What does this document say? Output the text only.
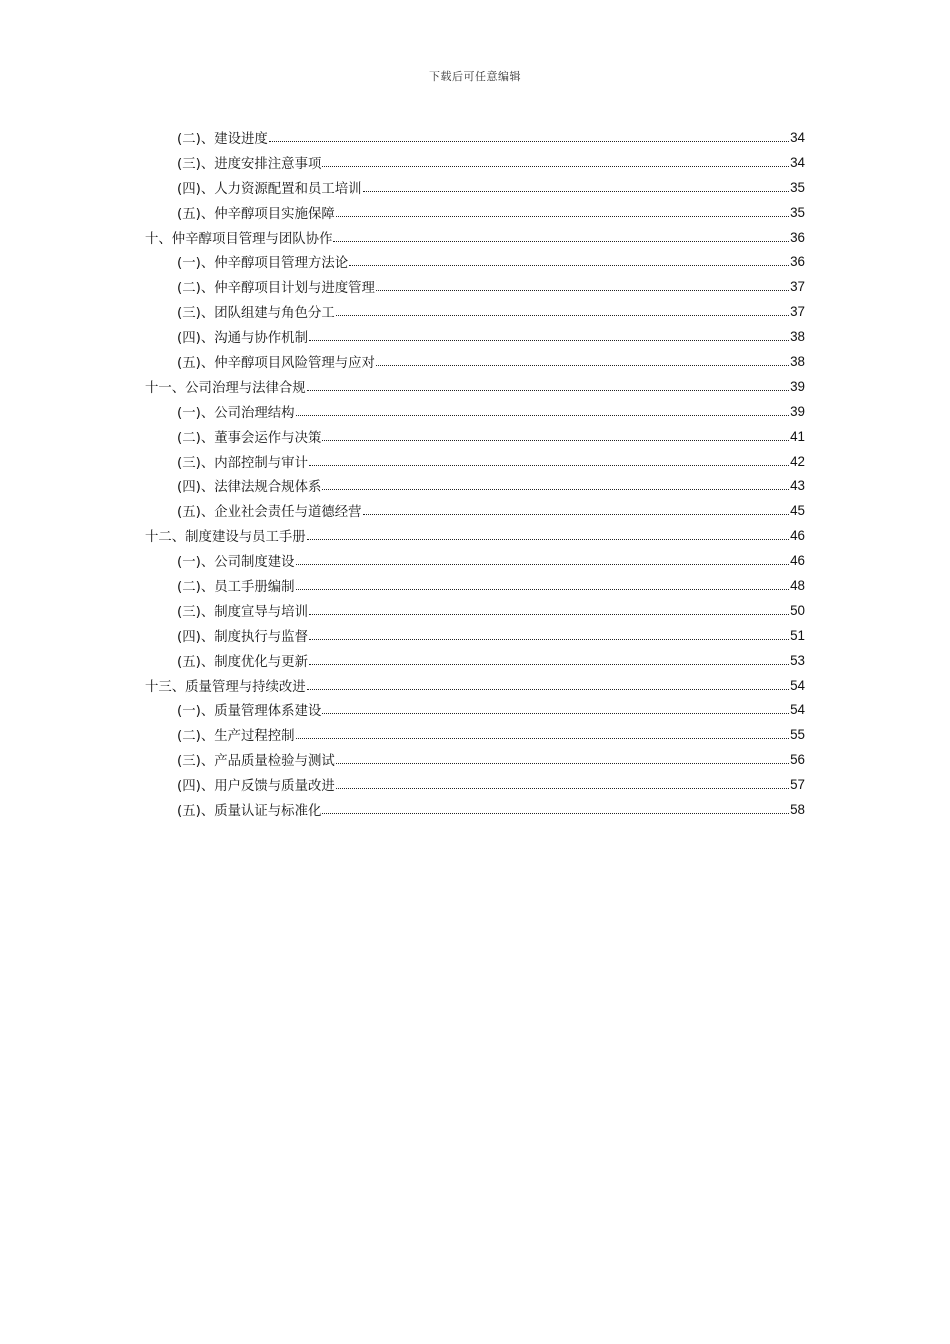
下载后可任意编辑
(二)、建设进度	34
(三)、进度安排注意事项	34
(四)、人力资源配置和员工培训	35
(五)、仲辛醇项目实施保障	35
十、仲辛醇项目管理与团队协作	36
(一)、仲辛醇项目管理方法论	36
(二)、仲辛醇项目计划与进度管理	37
(三)、团队组建与角色分工	37
(四)、沟通与协作机制	38
(五)、仲辛醇项目风险管理与应对	38
十一、公司治理与法律合规	39
(一)、公司治理结构	39
(二)、董事会运作与决策	41
(三)、内部控制与审计	42
(四)、法律法规合规体系	43
(五)、企业社会责任与道德经营	45
十二、制度建设与员工手册	46
(一)、公司制度建设	46
(二)、员工手册编制	48
(三)、制度宣导与培训	50
(四)、制度执行与监督	51
(五)、制度优化与更新	53
十三、质量管理与持续改进	54
(一)、质量管理体系建设	54
(二)、生产过程控制	55
(三)、产品质量检验与测试	56
(四)、用户反馈与质量改进	57
(五)、质量认证与标准化	58
